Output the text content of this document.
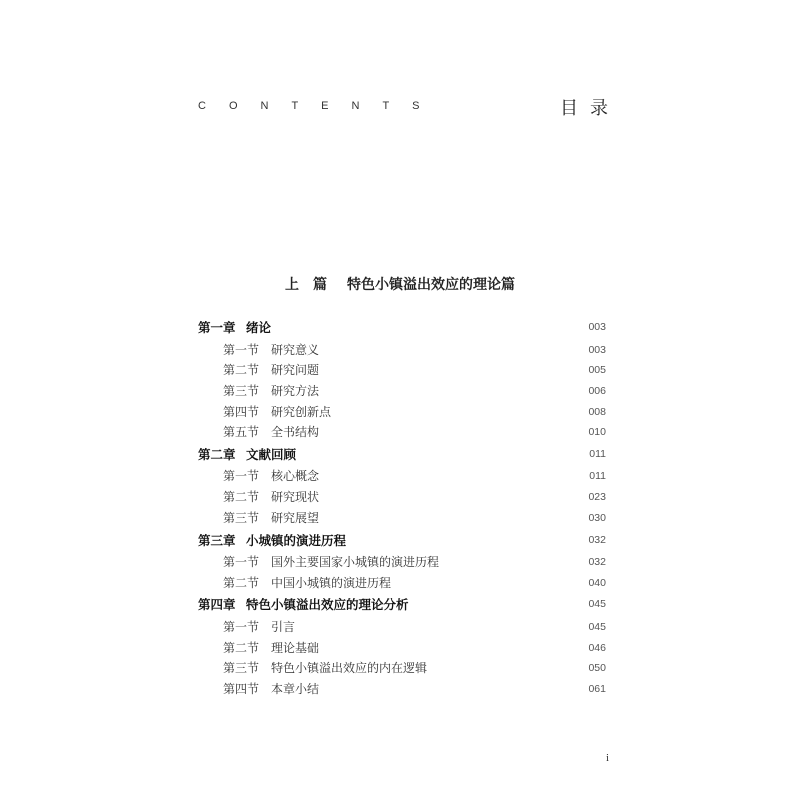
CONTENTS	目录
上 篇 特色小镇溢出效应的理论篇
第一章 绪论	003
第一节 研究意义	003
第二节 研究问题	005
第三节 研究方法	006
第四节 研究创新点	008
第五节 全书结构	010
第二章 文献回顾	011
第一节 核心概念	011
第二节 研究现状	023
第三节 研究展望	030
第三章 小城镇的演进历程	032
第一节 国外主要国家小城镇的演进历程	032
第二节 中国小城镇的演进历程	040
第四章 特色小镇溢出效应的理论分析	045
第一节 引言	045
第二节 理论基础	046
第三节 特色小镇溢出效应的内在逻辑	050
第四节 本章小结	061
i
